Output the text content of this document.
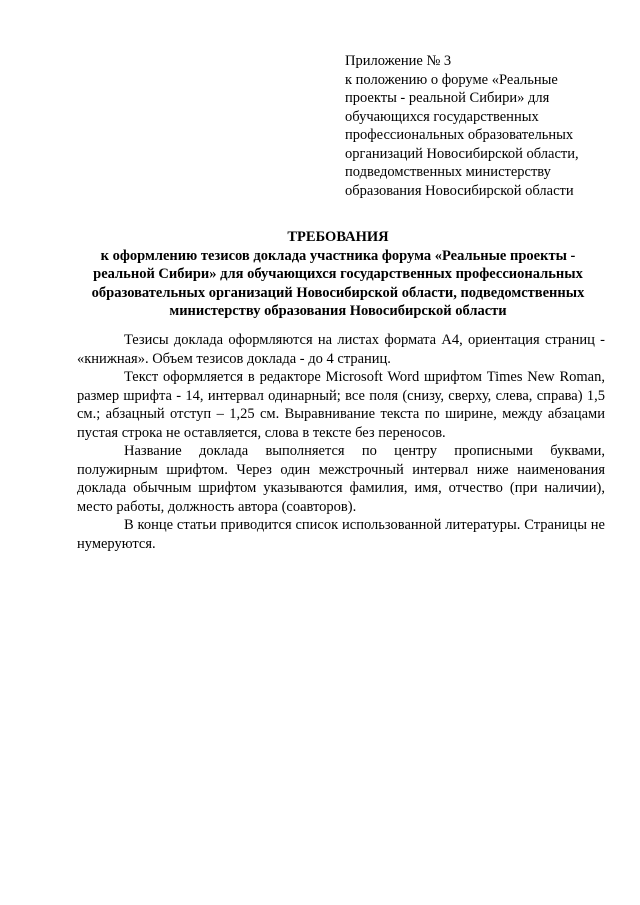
Приложение № 3
к положению о форуме «Реальные
проекты - реальной Сибири» для
обучающихся государственных
профессиональных образовательных
организаций Новосибирской области,
подведомственных министерству
образования Новосибирской области
ТРЕБОВАНИЯ
к оформлению тезисов доклада участника форума «Реальные проекты -
реальной Сибири» для обучающихся государственных профессиональных
образовательных организаций Новосибирской области, подведомственных
министерству образования Новосибирской области

Тезисы доклада оформляются на листах формата А4, ориентация страниц - «книжная». Объем тезисов доклада - до 4 страниц.

Текст оформляется в редакторе Microsoft Word шрифтом Times New Roman, размер шрифта - 14, интервал одинарный; все поля (снизу, сверху, слева, справа) 1,5 см.; абзацный отступ – 1,25 см. Выравнивание текста по ширине, между абзацами пустая строка не оставляется, слова в тексте без переносов.

Название доклада выполняется по центру прописными буквами, полужирным шрифтом. Через один межстрочный интервал ниже наименования доклада обычным шрифтом указываются фамилия, имя, отчество (при наличии), место работы, должность автора (соавторов).

В конце статьи приводится список использованной литературы. Страницы не нумеруются.
